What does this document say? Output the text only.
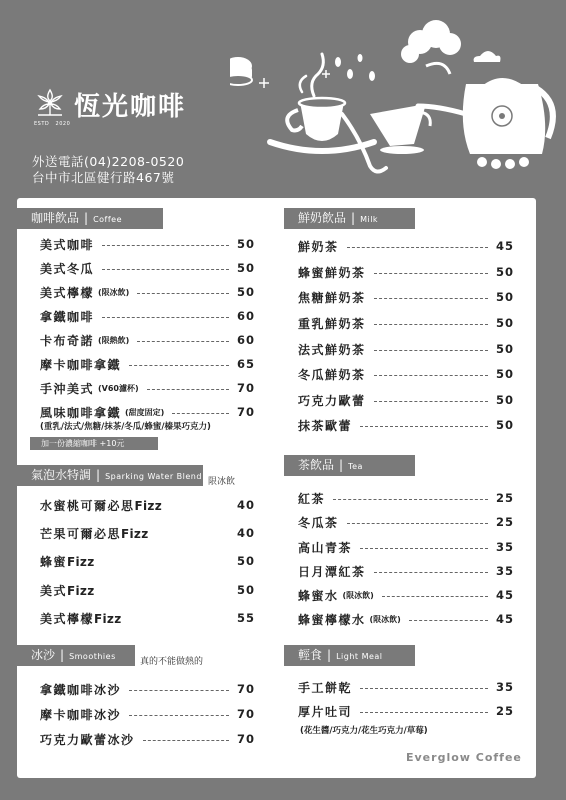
ESTD 2020
恆光咖啡
外送電話(04)2208-0520
台中市北區健行路467號
咖啡飲品 | Coffee
美式咖啡	50
美式冬瓜	50
美式檸檬 (限冰飲)	50
拿鐵咖啡	60
卡布奇諾 (限熱飲)	60
摩卡咖啡拿鐵	65
手沖美式 (V60濾杯)	70
風味咖啡拿鐵 (甜度固定)	70
(重乳/法式/焦糖/抹茶/冬瓜/蜂蜜/榛果巧克力)
加一份濃縮咖啡 +10元
氣泡水特調 | Sparking Water Blend
限冰飲
水蜜桃可爾必思Fizz	40
芒果可爾必思Fizz	40
蜂蜜Fizz	50
美式Fizz	50
美式檸檬Fizz	55
冰沙 | Smoothies
真的不能做熱的
拿鐵咖啡冰沙	70
摩卡咖啡冰沙	70
巧克力歐蕾冰沙	70
鮮奶飲品 | Milk
鮮奶茶	45
蜂蜜鮮奶茶	50
焦糖鮮奶茶	50
重乳鮮奶茶	50
法式鮮奶茶	50
冬瓜鮮奶茶	50
巧克力歐蕾	50
抹茶歐蕾	50
茶飲品 | Tea
紅茶	25
冬瓜茶	25
高山青茶	35
日月潭紅茶	35
蜂蜜水 (限冰飲)	45
蜂蜜檸檬水 (限冰飲)	45
輕食 | Light Meal
手工餅乾	35
厚片吐司	25
(花生醬/巧克力/花生巧克力/草莓)
Everglow Coffee
